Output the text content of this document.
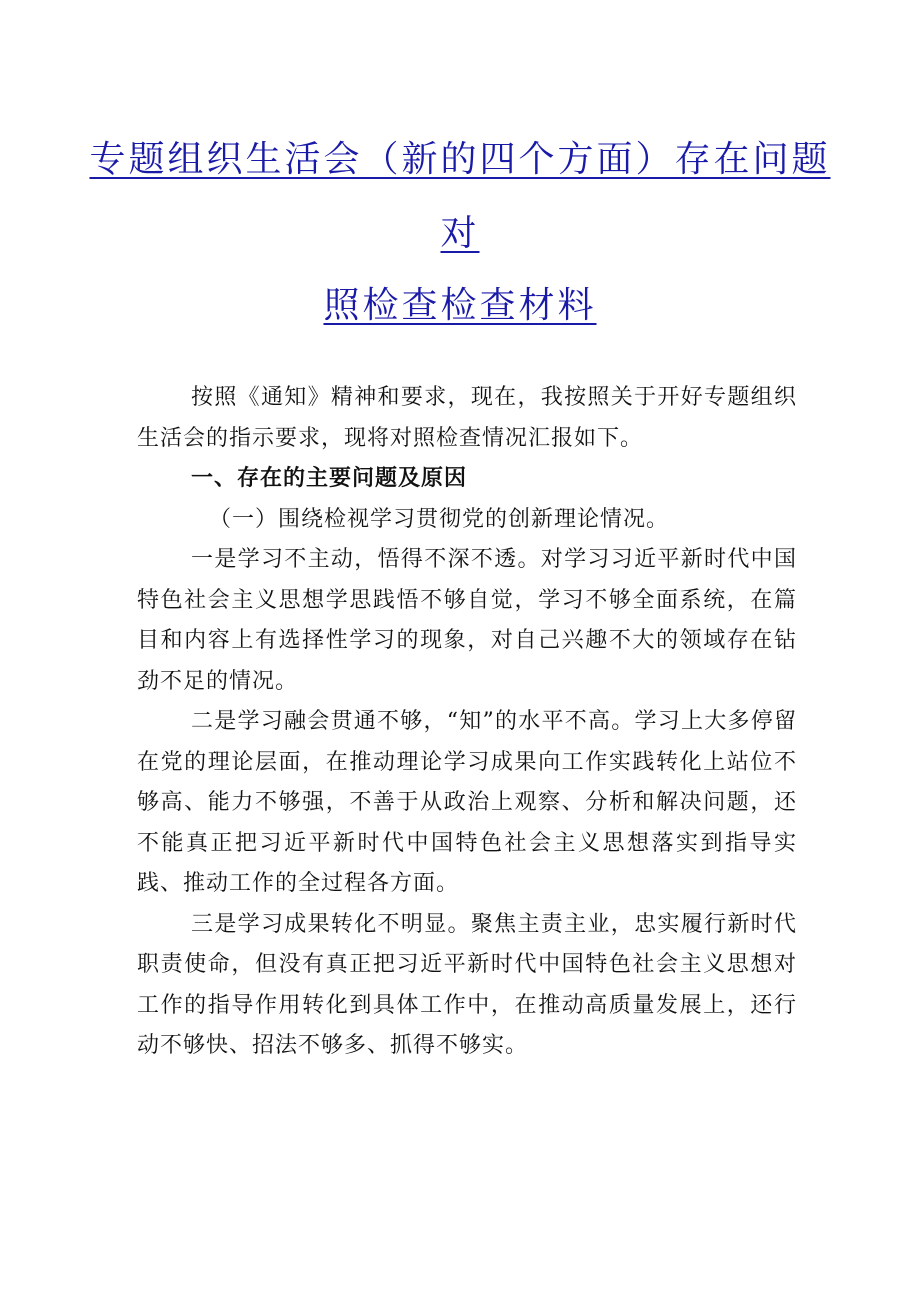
专题组织生活会（新的四个方面）存在问题
对
照检查检查材料

按照《通知》精神和要求，现在，我按照关于开好专题组织生活会的指示要求，现将对照检查情况汇报如下。

一、存在的主要问题及原因

（一）围绕检视学习贯彻党的创新理论情况。

一是学习不主动，悟得不深不透。对学习习近平新时代中国特色社会主义思想学思践悟不够自觉，学习不够全面系统，在篇目和内容上有选择性学习的现象，对自己兴趣不大的领域存在钻劲不足的情况。

二是学习融会贯通不够，“知”的水平不高。学习上大多停留在党的理论层面，在推动理论学习成果向工作实践转化上站位不够高、能力不够强，不善于从政治上观察、分析和解决问题，还不能真正把习近平新时代中国特色社会主义思想落实到指导实践、推动工作的全过程各方面。

三是学习成果转化不明显。聚焦主责主业，忠实履行新时代职责使命，但没有真正把习近平新时代中国特色社会主义思想对工作的指导作用转化到具体工作中，在推动高质量发展上，还行动不够快、招法不够多、抓得不够实。
